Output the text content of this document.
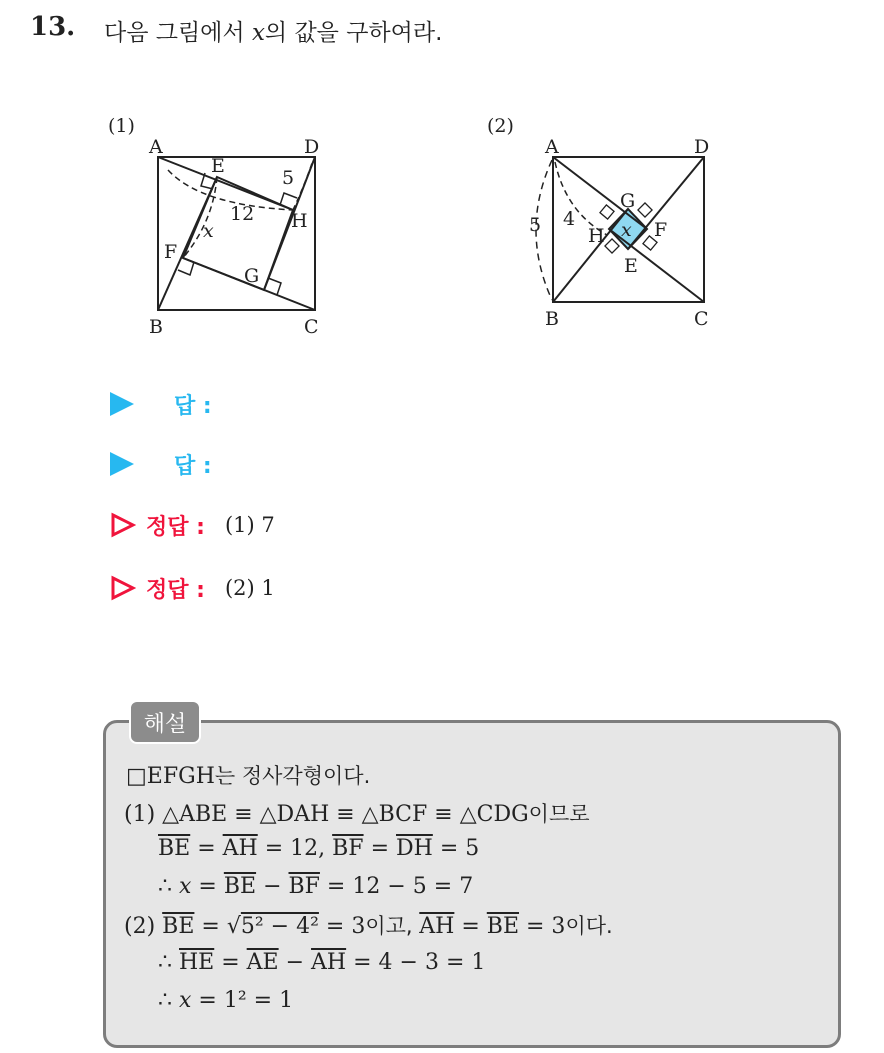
13. 다음 그림에서 x의 값을 구하여라.
(1)
A
B	C
D
E
F
G
H
12
5
x
(2)
A
B	C
D
E
F
G
H
5 4 x
답 :
답 :
정답 : (1) 7
정답 : (2) 1
해설
□EFGH는 정사각형이다.
(1) △ABE ≡ △DAH ≡ △BCF ≡ △CDG이므로
$\overline{BE} = \overline{AH} = 12$, $\overline{BF} = \overline{DH} = 5$
∴ $x = \overline{BE} - \overline{BF} = 12 - 5 = 7$
(2) $\overline{BE} = √5^2 - 4^2 = 3$이고, $\overline{AH} = \overline{BE} = 3$이다.
∴ $\overline{HE} = \overline{AE} - \overline{AH} = 4 - 3 = 1$
∴ x = 1² = 1
